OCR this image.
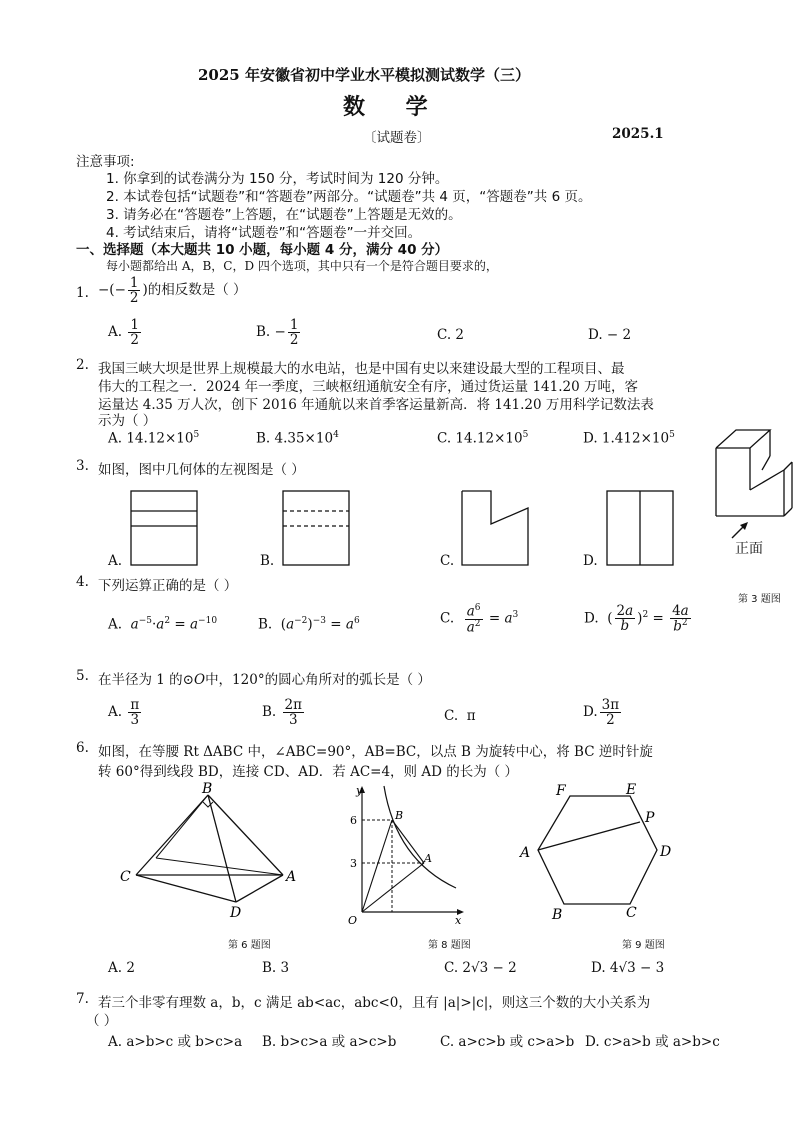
2025 年安徽省初中学业水平模拟测试数学（三）
数    学
〔试题卷〕	2025.1
注意事项:
1. 你拿到的试卷满分为 150 分，考试时间为 120 分钟。
2. 本试卷包括“试题卷”和“答题卷”两部分。“试题卷”共 4 页，“答题卷”共 6 页。
3. 请务必在“答题卷”上答题，在“试题卷”上答题是无效的。
4. 考试结束后，请将“试题卷”和“答题卷”一并交回。
一、选择题（本大题共 10 小题，每小题 4 分，满分 40 分）
每小题都给出 A，B，C，D 四个选项，其中只有一个是符合题目要求的，
1. −(− $\frac{1}{2}$ )的相反数是（ ）
A. $\frac{1}{2}$	B. − $\frac{1}{2}$	C. 2	D. − 2
2. 我国三峡大坝是世界上规模最大的水电站，也是中国有史以来建设最大型的工程项目、最
伟大的工程之一．2024 年一季度，三峡枢纽通航安全有序，通过货运量 141.20 万吨，客
运量达 4.35 万人次，创下 2016 年通航以来首季客运量新高．将 141.20 万用科学记数法表
示为（ ）
A. $14.12\times 10^5$	B. $4.35\times 10^4$	C. $14.12\times 10^5$	D. $1.412\times 10^5$
3. 如图，图中几何体的左视图是（ ）
A.	B.	C.	D.
正面
第 3 题图
4. 下列运算正确的是（ ）
A. $a^{-5}\cdot a^2 = a^{-10}$	B.  $(a^{-2})^{-3} = a^6$	C. $\frac{a^6}{a^2} = a^3$	D.  ( $\frac{2a}{b} )^2 = \frac{4a}{b^2}$
5. 在半径为 1 的⊙O中，120°的圆心角所对的弧长是（ ）
A. $\frac{\pi}{3}$	B. $\frac{2\pi}{3}$	C. π	D. $\frac{3\pi}{2}$
6. 如图，在等腰 Rt ΔABC 中，∠ABC=90°，AB=BC，以点 B 为旋转中心，将 BC 逆时针旋
转 60°得到线段 BD，连接 CD、AD．若 AC=4，则 AD 的长为（ ）
B
C	A
D
第 6 题图
y
x
O
6
3
B
A
第 8 题图
F	E
P
A	D
B	C
第 9 题图
A. 2	B. 3	C. 2√3 − 2	D. 4√3 − 3
7. 若三个非零有理数 a，b，c 满足 ab<ac，abc<0，且有 |a|>|c|，则这三个数的大小关系为
（ ）
A. a>b>c 或 b>c>a B. b>c>a 或 a>c>b	C. a>c>b 或 c>a>b D. c>a>b 或 a>b>c
